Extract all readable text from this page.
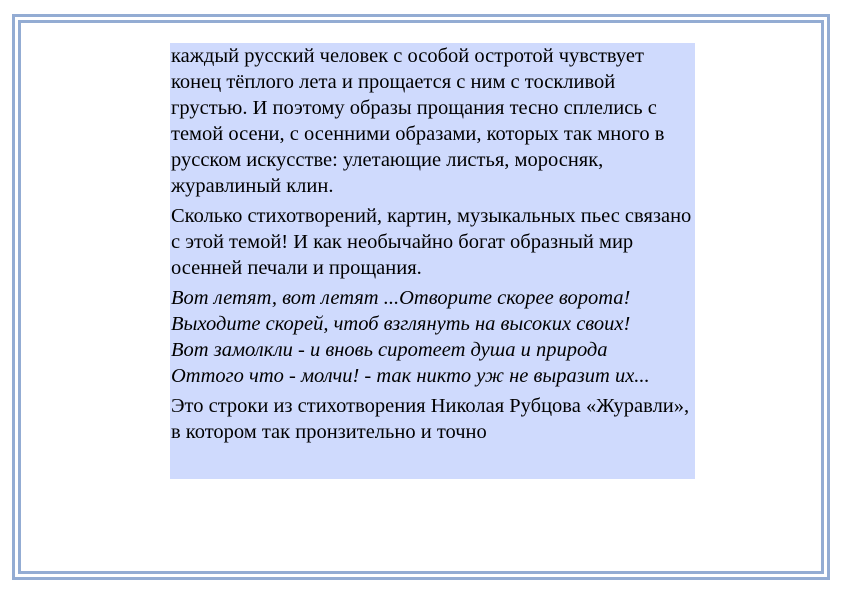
каждый русский человек с особой остротой чувствует конец тёплого лета и прощается с ним с тоскливой грустью. И поэтому образы прощания тесно сплелись с темой осени, с осенними образами, которых так много в русском искусстве: улетающие листья, моросняк, журавлиный клин.

Сколько стихотворений, картин, музыкальных пьес связано с этой темой! И как необычайно богат образный мир осенней печали и прощания.

Вот летят, вот летят ...Отворите скорее ворота!
Выходите скорей, чтоб взглянуть на высоких своих!
Вот замолкли - и вновь сиротеет душа и природа
Оттого что - молчи! - так никто уж не выразит их...

Это строки из стихотворения Николая Рубцова «Журавли», в котором так пронзительно и точно
